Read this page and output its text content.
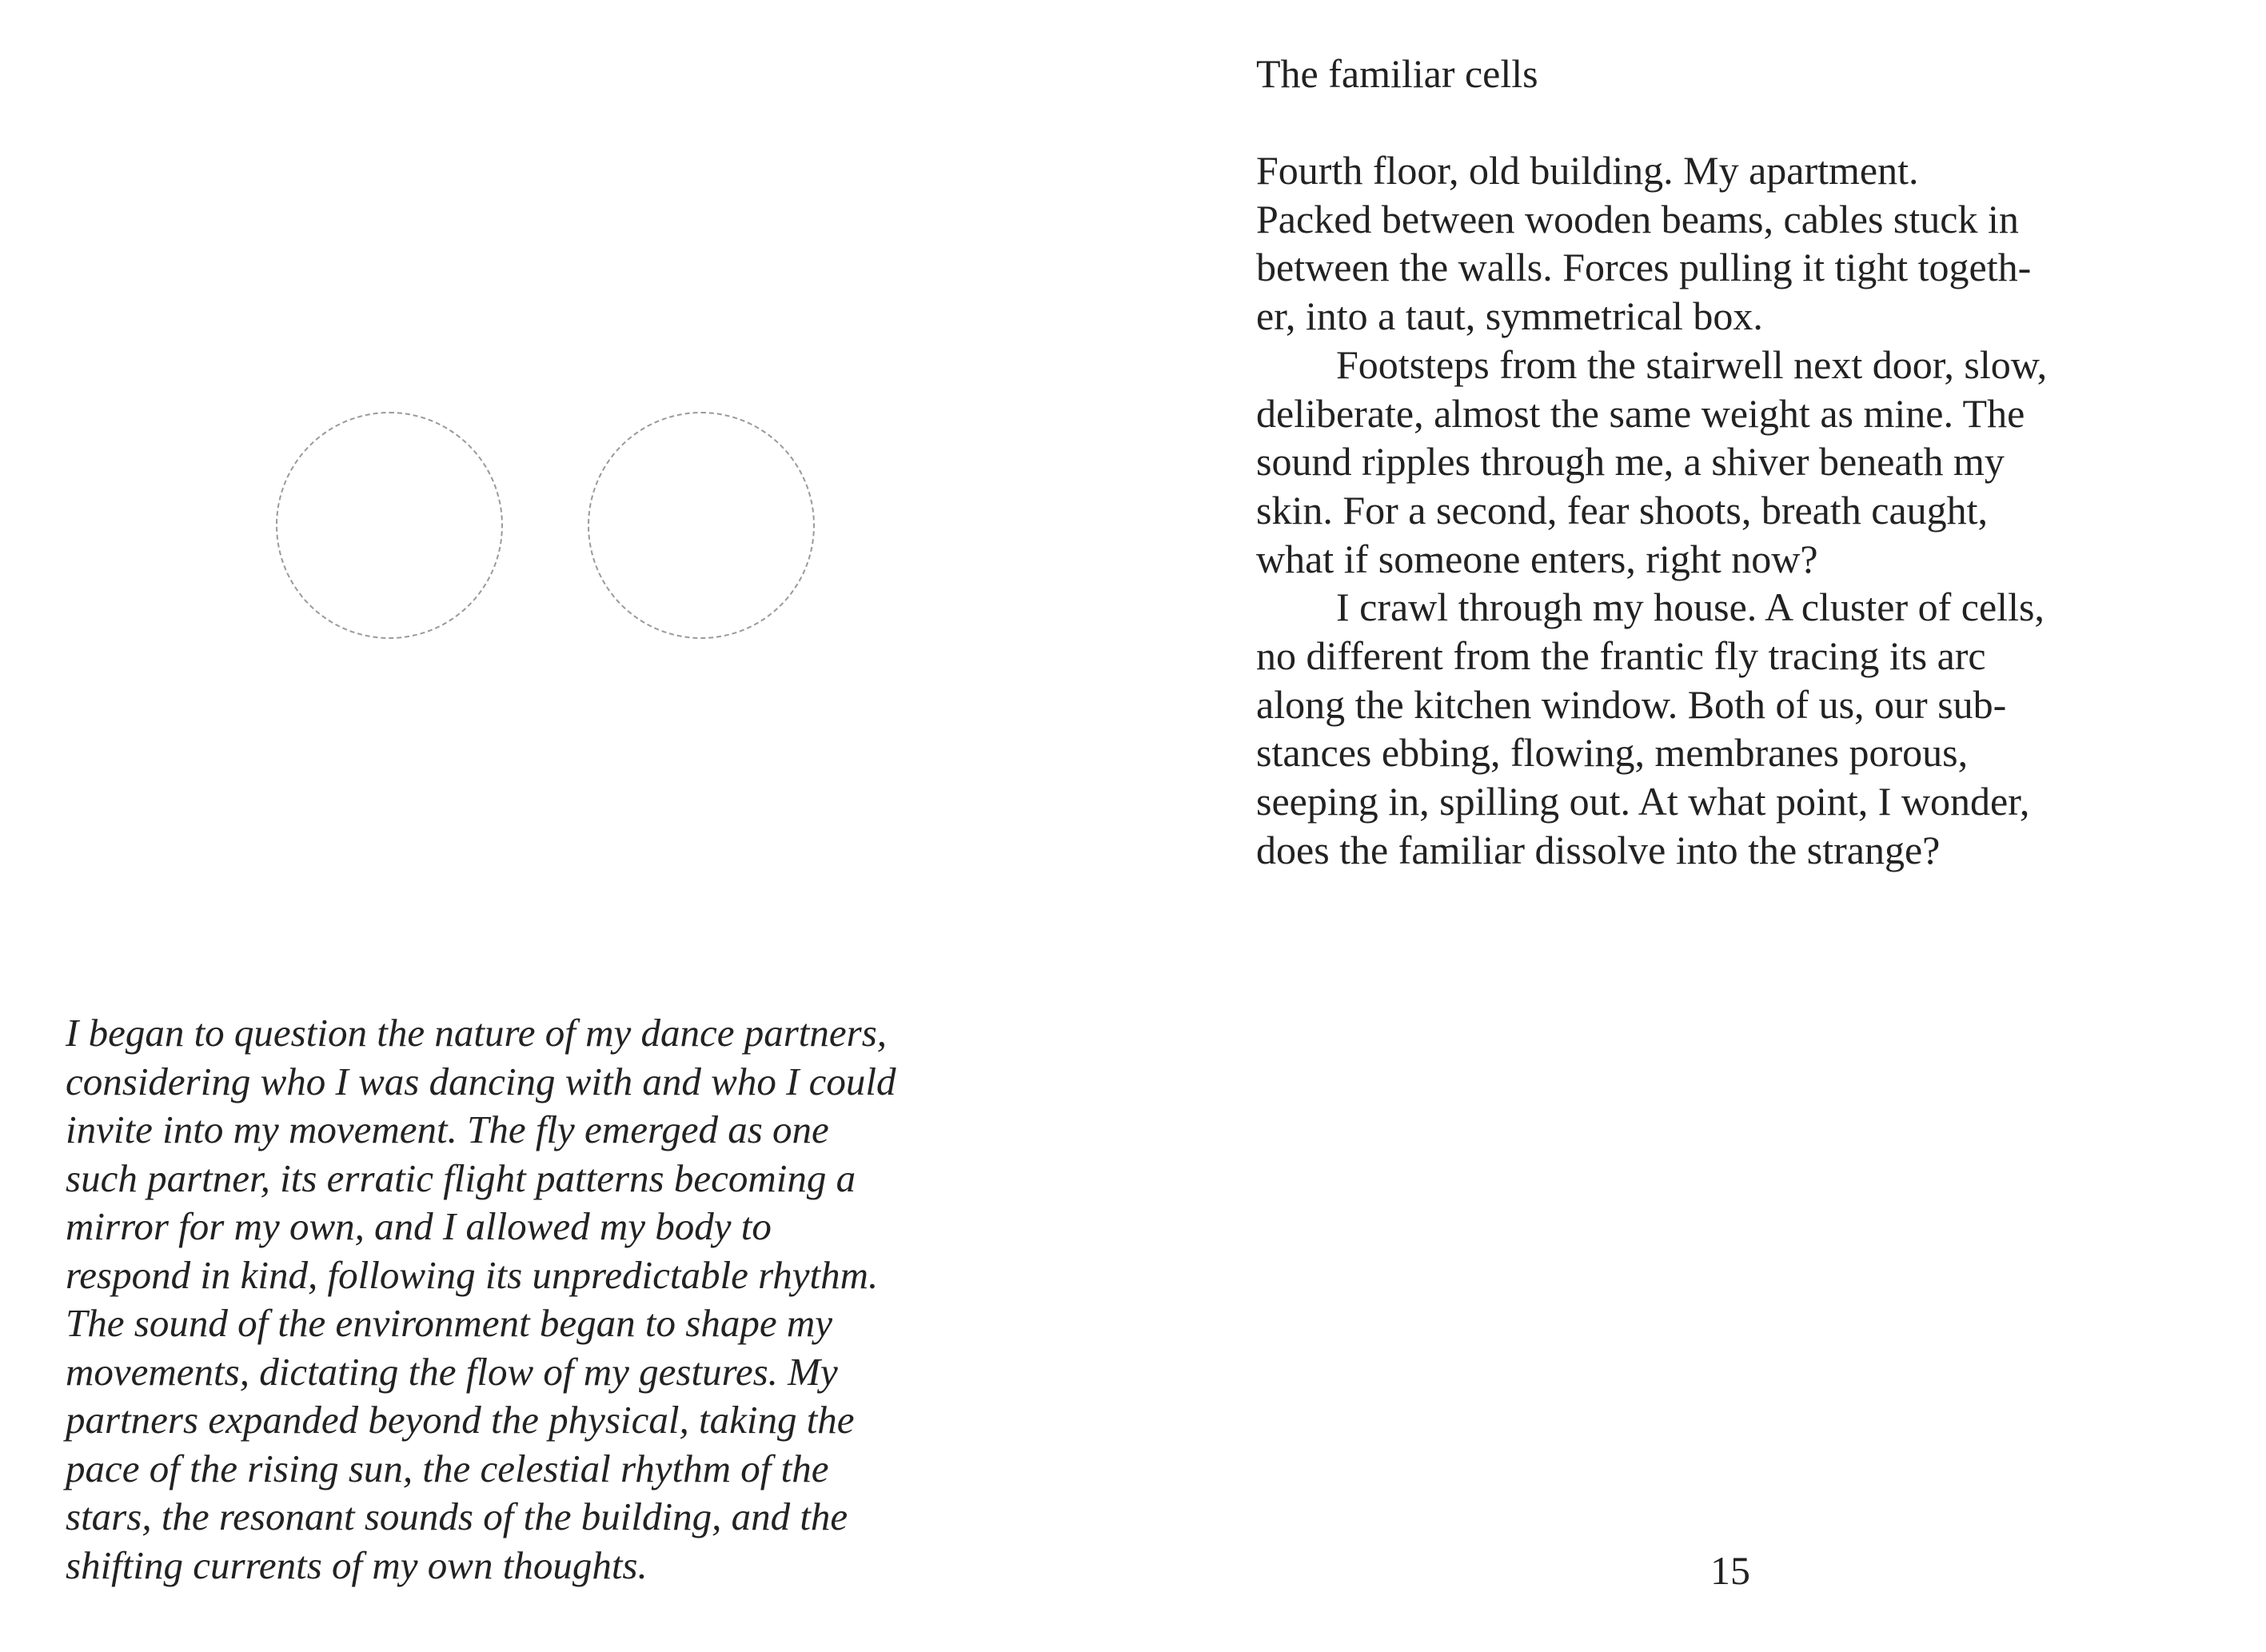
I began to question the nature of my dance partners,
considering who I was dancing with and who I could
invite into my movement. The fly emerged as one
such partner, its erratic flight patterns becoming a
mirror for my own, and I allowed my body to
respond in kind, following its unpredictable rhythm.
The sound of the environment began to shape my
movements, dictating the flow of my gestures. My
partners expanded beyond the physical, taking the
pace of the rising sun, the celestial rhythm of the
stars, the resonant sounds of the building, and the
shifting currents of my own thoughts.
The familiar cells
Fourth floor, old building. My apartment.
Packed between wooden beams, cables stuck in
between the walls. Forces pulling it tight togeth-
er, into a taut, symmetrical box.
Footsteps from the stairwell next door, slow,
deliberate, almost the same weight as mine. The
sound ripples through me, a shiver beneath my
skin. For a second, fear shoots, breath caught,
what if someone enters, right now?
I crawl through my house. A cluster of cells,
no different from the frantic fly tracing its arc
along the kitchen window. Both of us, our sub-
stances ebbing, flowing, membranes porous,
seeping in, spilling out. At what point, I wonder,
does the familiar dissolve into the strange?
15
